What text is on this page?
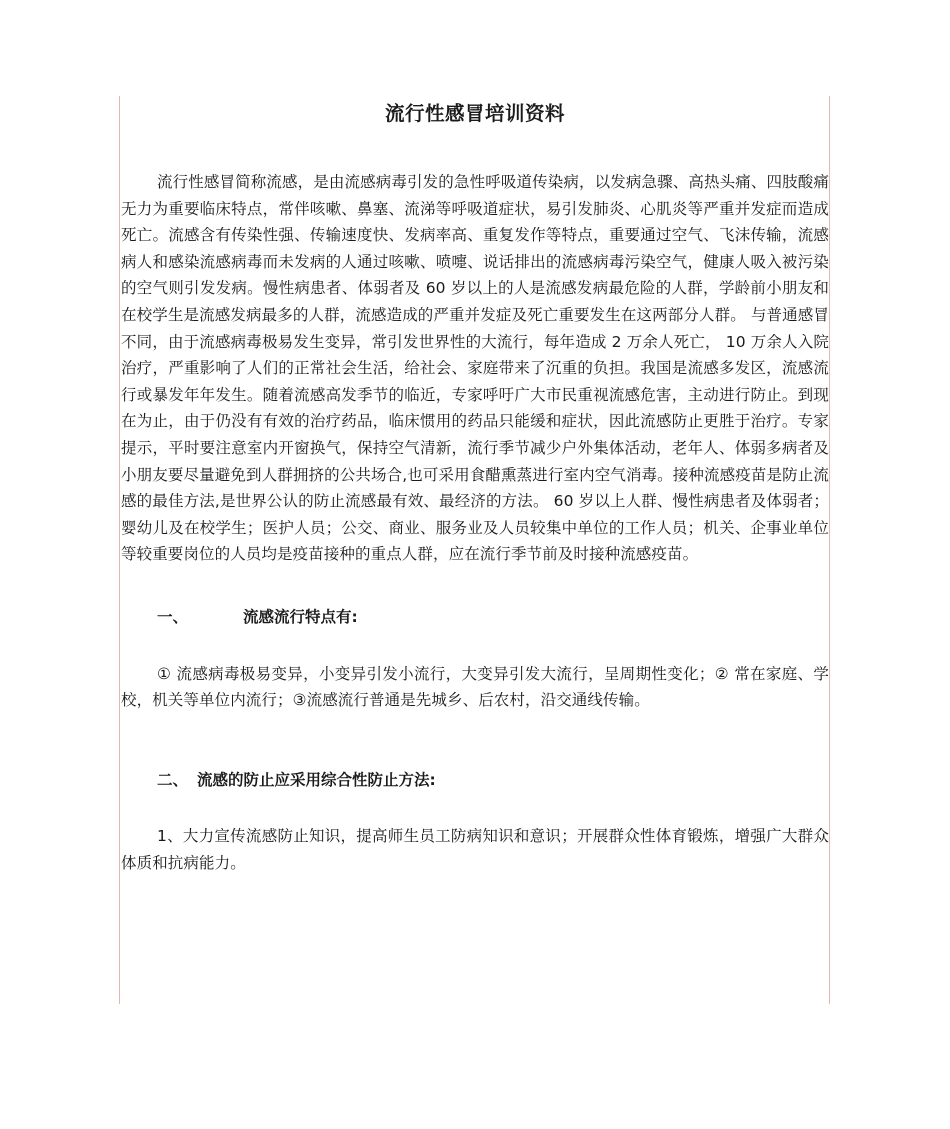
流行性感冒培训资料

流行性感冒简称流感，是由流感病毒引发的急性呼吸道传染病，以发病急骤、高热头痛、四肢酸痛无力为重要临床特点，常伴咳嗽、鼻塞、流涕等呼吸道症状，易引发肺炎、心肌炎等严重并发症而造成死亡。流感含有传染性强、传输速度快、发病率高、重复发作等特点，重要通过空气、飞沫传输，流感病人和感染流感病毒而未发病的人通过咳嗽、喷嚏、说话排出的流感病毒污染空气，健康人吸入被污染的空气则引发发病。慢性病患者、体弱者及 60 岁以上的人是流感发病最危险的人群，学龄前小朋友和在校学生是流感发病最多的人群，流感造成的严重并发症及死亡重要发生在这两部分人群。 与普通感冒不同，由于流感病毒极易发生变异，常引发世界性的大流行，每年造成 2 万余人死亡， 10 万余人入院治疗，严重影响了人们的正常社会生活，给社会、家庭带来了沉重的负担。我国是流感多发区，流感流行或暴发年年发生。随着流感高发季节的临近，专家呼吁广大市民重视流感危害，主动进行防止。到现在为止，由于仍没有有效的治疗药品，临床惯用的药品只能缓和症状，因此流感防止更胜于治疗。专家提示，平时要注意室内开窗换气，保持空气清新，流行季节减少户外集体活动，老年人、体弱多病者及小朋友要尽量避免到人群拥挤的公共场合,也可采用食醋熏蒸进行室内空气消毒。接种流感疫苗是防止流感的最佳方法,是世界公认的防止流感最有效、最经济的方法。 60 岁以上人群、慢性病患者及体弱者；婴幼儿及在校学生；医护人员；公交、商业、服务业及人员较集中单位的工作人员；机关、企事业单位等较重要岗位的人员均是疫苗接种的重点人群，应在流行季节前及时接种流感疫苗。

一、	流感流行特点有:

① 流感病毒极易变异，小变异引发小流行，大变异引发大流行，呈周期性变化；② 常在家庭、学校，机关等单位内流行；③流感流行普通是先城乡、后农村，沿交通线传输。

二、 流感的防止应采用综合性防止方法:

1、大力宣传流感防止知识，提高师生员工防病知识和意识；开展群众性体育锻炼，增强广大群众体质和抗病能力。
